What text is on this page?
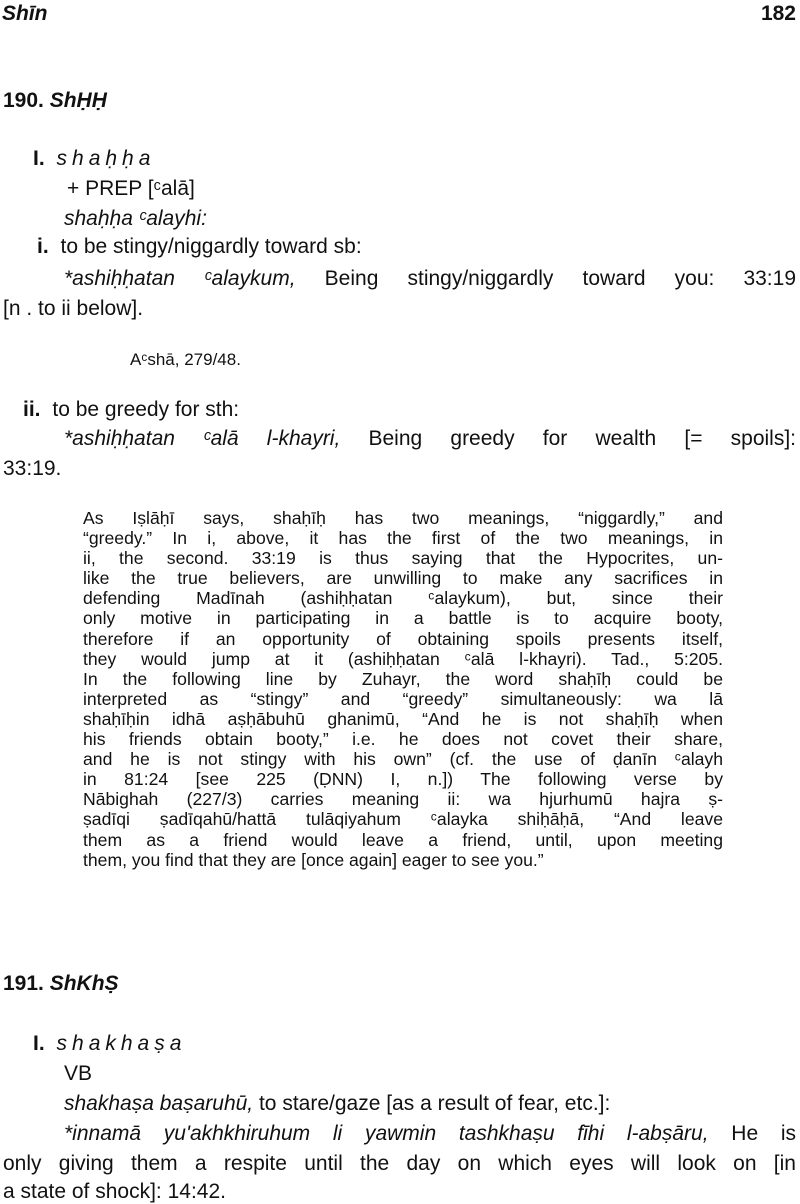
Shīn	182
190. ShḤḤ
I. shaḥḥa
+ PREP [ᶜalā]
shaḥḥa ᶜalayhi:
i. to be stingy/niggardly toward sb:
*ashiḥḥatan ᶜalaykum, Being stingy/niggardly toward you: 33:19
[n . to ii below].
Aᶜshā, 279/48.
ii. to be greedy for sth:
*ashiḥḥatan ᶜalā l-khayri, Being greedy for wealth [= spoils]:
33:19.

As Iṣlāḥī says, shaḥīḥ has two meanings, “niggardly,” and

“greedy.” In i, above, it has the first of the two meanings, in

ii, the second. 33:19 is thus saying that the Hypocrites, un-

like the true believers, are unwilling to make any sacrifices in

defending Madīnah (ashiḥḥatan ᶜalaykum), but, since their

only motive in participating in a battle is to acquire booty,

therefore if an opportunity of obtaining spoils presents itself,

they would jump at it (ashiḥḥatan ᶜalā l-khayri). Tad., 5:205.

In the following line by Zuhayr, the word shaḥīḥ could be

interpreted as “stingy” and “greedy” simultaneously: wa lā

shaḥīḥin idhā aṣḥābuhū ghanimū, “And he is not shaḥīḥ when

his friends obtain booty,” i.e. he does not covet their share,

and he is not stingy with his own” (cf. the use of ḍanīn ᶜalayh

in 81:24 [see 225 (ḌNN) I, n.]) The following verse by

Nābighah (227/3) carries meaning ii: wa hjurhumū hajra ṣ-

ṣadīqi ṣadīqahū/hattā tulāqiyahum ᶜalayka shiḥāḥā, “And leave

them as a friend would leave a friend, until, upon meeting

them, you find that they are [once again] eager to see you.”

191. ShKhṢ
I. shakhaṣa
VB
shakhaṣa baṣaruhū, to stare/gaze [as a result of fear, etc.]:
*innamā yu'akhkhiruhum li yawmin tashkhaṣu fīhi l-abṣāru, He is
only giving them a respite until the day on which eyes will look on [in
a state of shock]: 14:42.
